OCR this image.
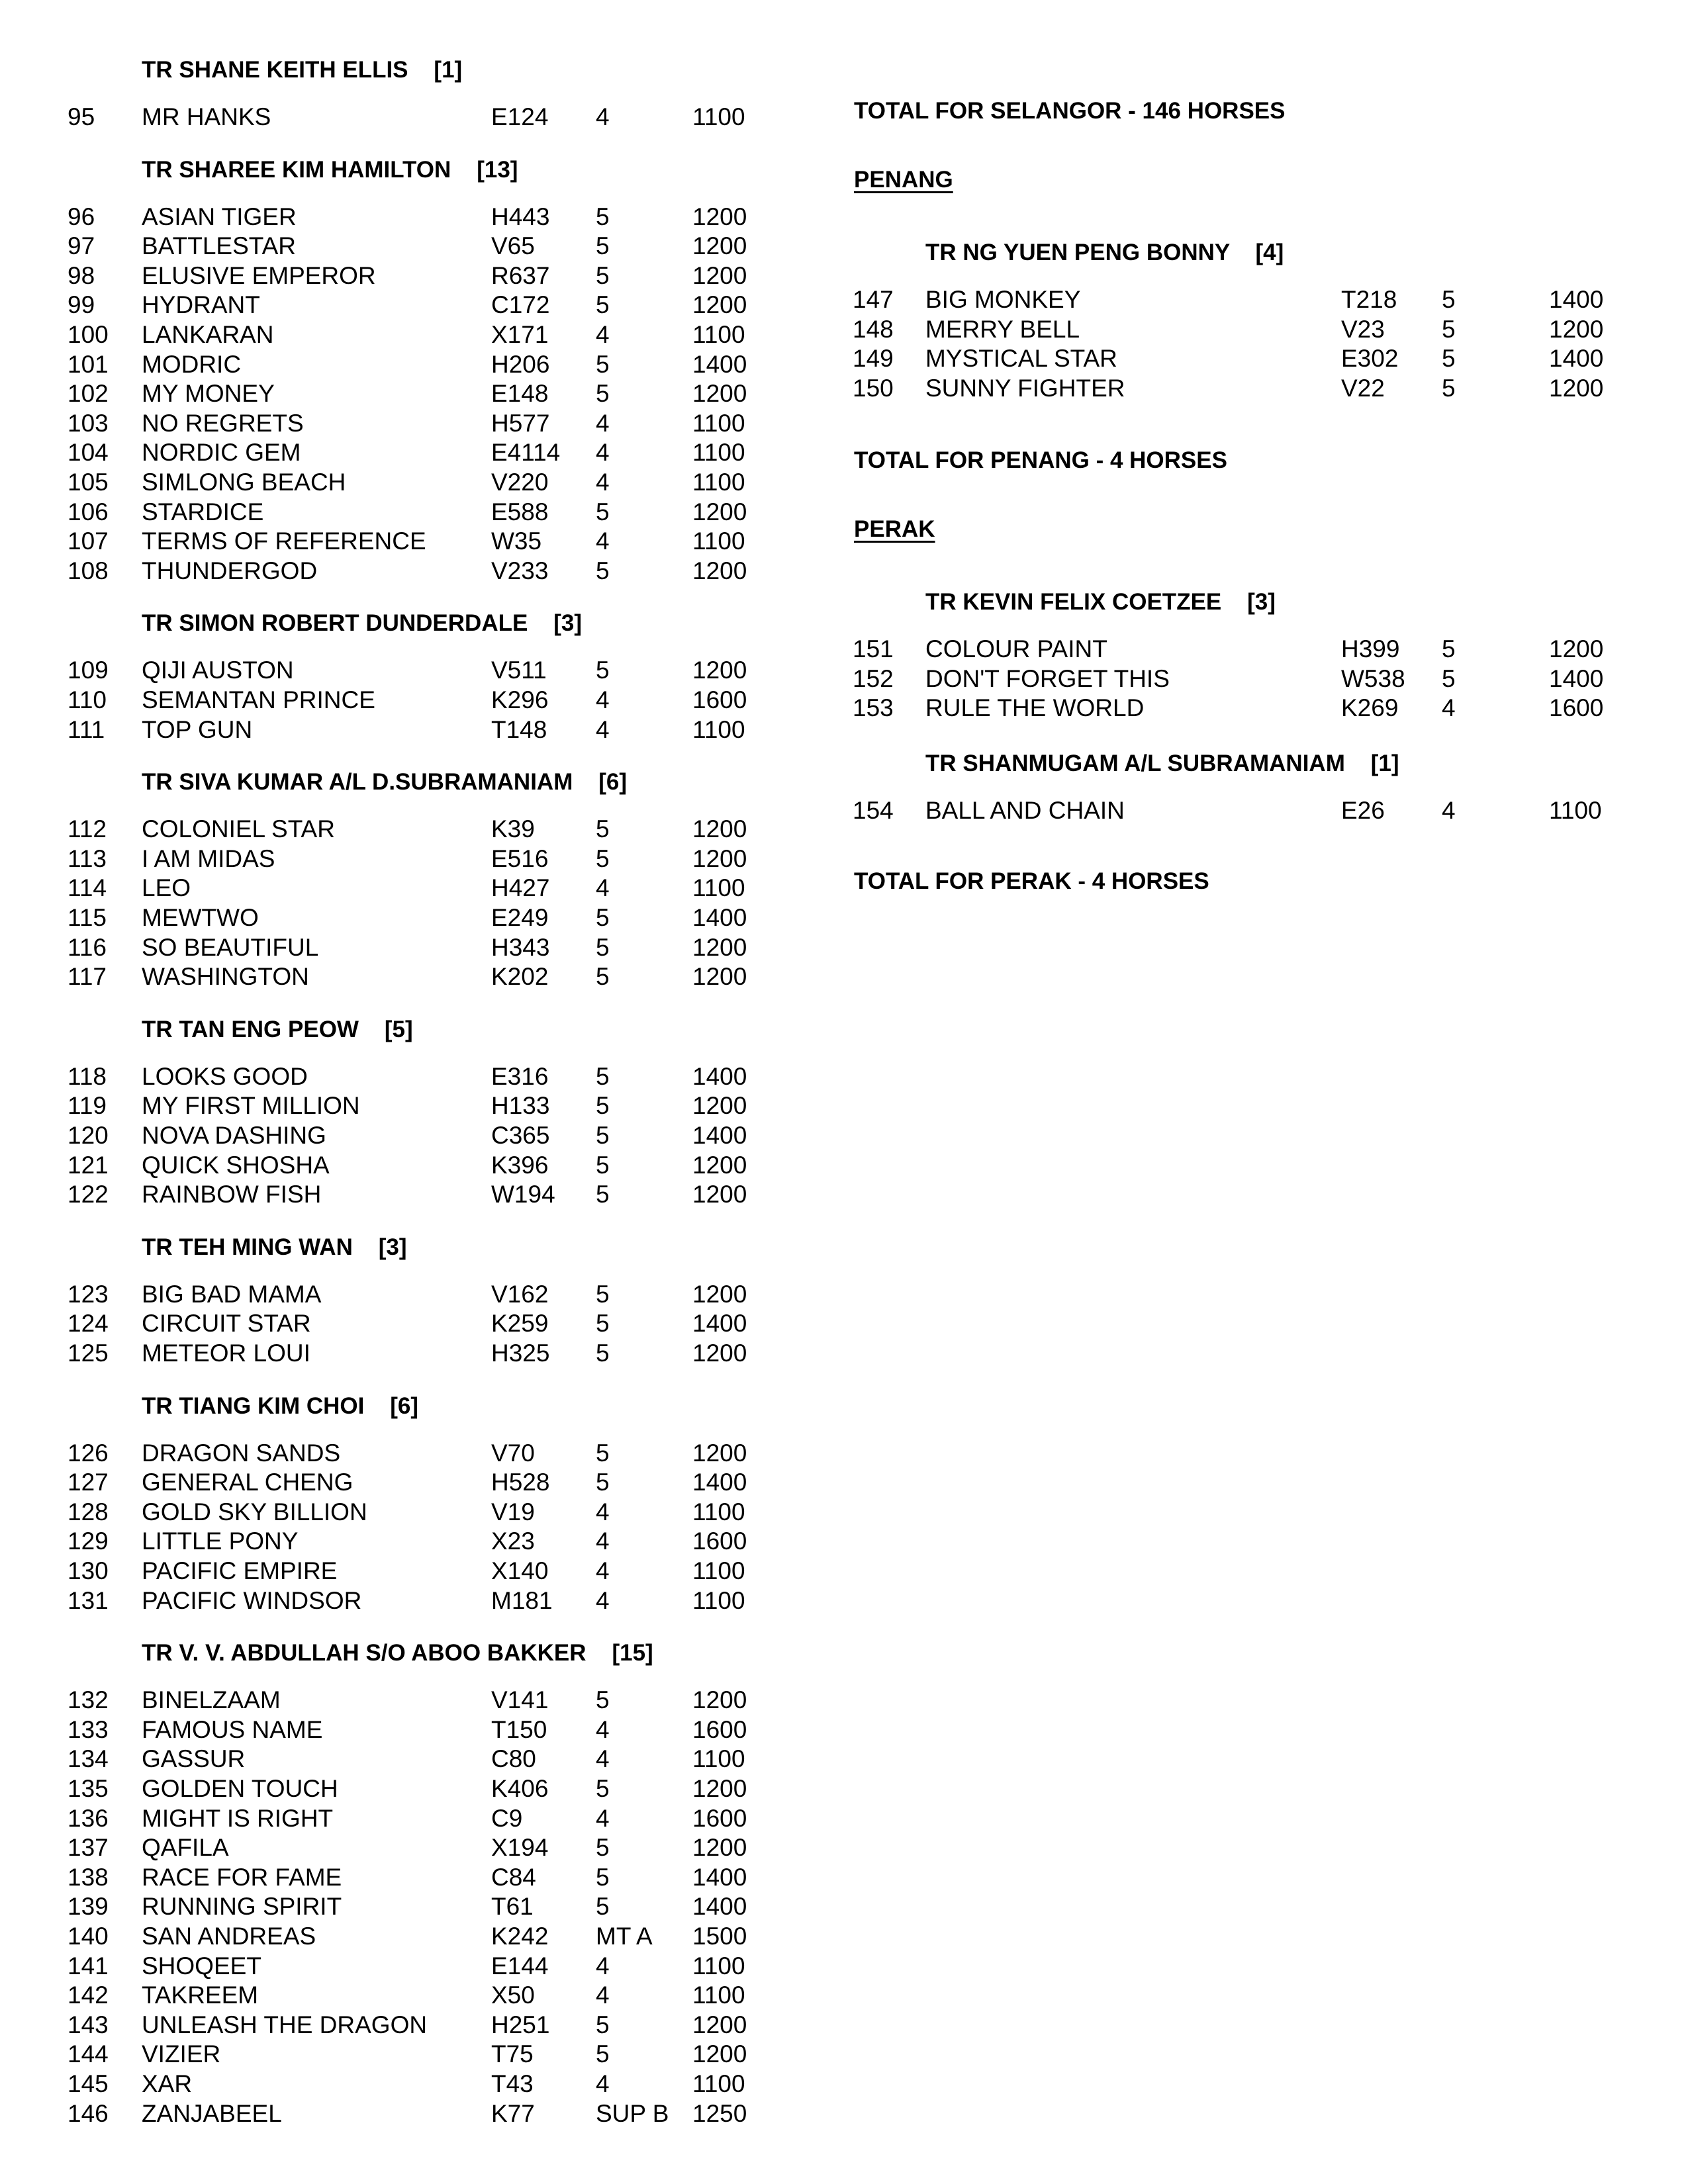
TR SHANE KEITH ELLIS    [1]
95 MR HANKS	E124 4	1100
TR SHAREE KIM HAMILTON    [13]
96 ASIAN TIGER	H443 5	1200
97 BATTLESTAR	V65 5	1200
98 ELUSIVE EMPEROR	R637 5	1200
99 HYDRANT	C172 5	1200
100 LANKARAN	X171 4	1100
101 MODRIC	H206 5	1400
102 MY MONEY	E148 5	1200
103 NO REGRETS	H577 4	1100
104 NORDIC GEM	E4114 4	1100
105 SIMLONG BEACH	V220 4	1100
106 STARDICE	E588 5	1200
107 TERMS OF REFERENCE	W35 4	1100
108 THUNDERGOD	V233 5	1200
TR SIMON ROBERT DUNDERDALE    [3]
109 QIJI AUSTON	V511 5	1200
110 SEMANTAN PRINCE	K296 4	1600
111 TOP GUN	T148 4	1100
TR SIVA KUMAR A/L D.SUBRAMANIAM    [6]
112 COLONIEL STAR	K39 5	1200
113 I AM MIDAS	E516 5	1200
114 LEO	H427 4	1100
115 MEWTWO	E249 5	1400
116 SO BEAUTIFUL	H343 5	1200
117 WASHINGTON	K202 5	1200
TR TAN ENG PEOW    [5]
118 LOOKS GOOD	E316 5	1400
119 MY FIRST MILLION	H133 5	1200
120 NOVA DASHING	C365 5	1400
121 QUICK SHOSHA	K396 5	1200
122 RAINBOW FISH	W194 5	1200
TR TEH MING WAN    [3]
123 BIG BAD MAMA	V162 5	1200
124 CIRCUIT STAR	K259 5	1400
125 METEOR LOUI	H325 5	1200
TR TIANG KIM CHOI    [6]
126 DRAGON SANDS	V70 5	1200
127 GENERAL CHENG	H528 5	1400
128 GOLD SKY BILLION	V19 4	1100
129 LITTLE PONY	X23 4	1600
130 PACIFIC EMPIRE	X140 4	1100
131 PACIFIC WINDSOR	M181 4	1100
TR V. V. ABDULLAH S/O ABOO BAKKER    [15]
132 BINELZAAM	V141 5	1200
133 FAMOUS NAME	T150 4	1600
134 GASSUR	C80 4	1100
135 GOLDEN TOUCH	K406 5	1200
136 MIGHT IS RIGHT	C9	4	1600
137 QAFILA	X194 5	1200
138 RACE FOR FAME	C84 5	1400
139 RUNNING SPIRIT	T61	5	1400
140 SAN ANDREAS	K242 MT A 1500
141 SHOQEET	E144 4	1100
142 TAKREEM	X50 4	1100
143 UNLEASH THE DRAGON	H251 5	1200
144 VIZIER	T75	5	1200
145 XAR	T43	4	1100
146 ZANJABEEL	K77 SUP B 1250
TOTAL FOR SELANGOR - 146 HORSES
PENANG
TR NG YUEN PENG BONNY    [4]
147 BIG MONKEY	T218 5	1400
148 MERRY BELL	V23 5	1200
149 MYSTICAL STAR	E302 5	1400
150 SUNNY FIGHTER	V22 5	1200
TOTAL FOR PENANG - 4 HORSES
PERAK
TR KEVIN FELIX COETZEE    [3]
151 COLOUR PAINT	H399 5	1200
152 DON'T FORGET THIS	W538 5	1400
153 RULE THE WORLD	K269 4	1600
TR SHANMUGAM A/L SUBRAMANIAM    [1]
154 BALL AND CHAIN	E26 4	1100
TOTAL FOR PERAK - 4 HORSES
